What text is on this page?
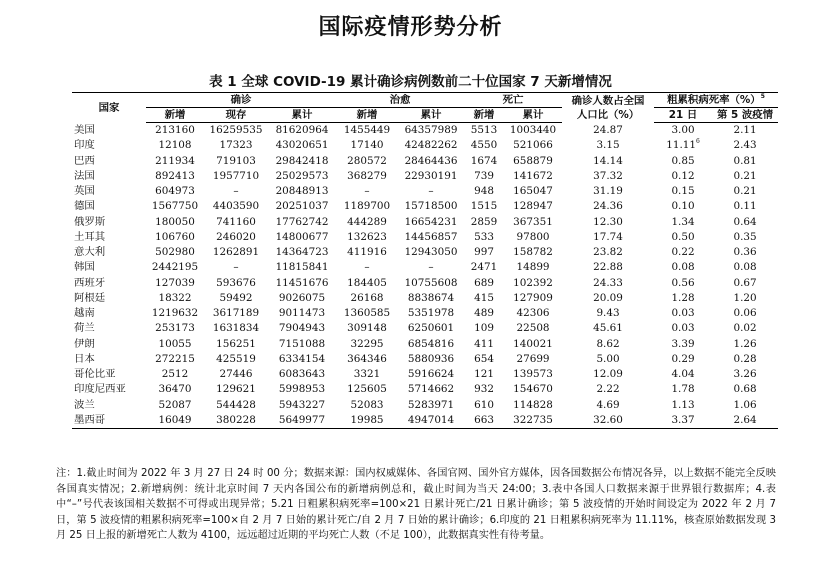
国际疫情形势分析
表 1 全球 COVID-19 累计确诊病例数前二十位国家 7 天新增情况
国家	确诊			治愈		死亡		确诊人数占全国
人口比（%）	粗累积病死率（%）$^5$
	新增	现存	累计	新增	累计	新增	累计		21 日	第 5 波疫情
美国	213160	16259535	81620964	1455449	64357989	5513	1003440	24.87	3.00	2.11
印度	12108	17323	43020651	17140	42482262	4550	521066	3.15	11.11$^6$	2.43
巴西	211934	719103	29842418	280572	28464436	1674	658879	14.14	0.85	0.81
法国	892413	1957710	25029573	368279	22930191	739	141672	37.32	0.12	0.21
英国	604973	–	20848913	–	–	948	165047	31.19	0.15	0.21
德国	1567750	4403590	20251037	1189700	15718500	1515	128947	24.36	0.10	0.11
俄罗斯	180050	741160	17762742	444289	16654231	2859	367351	12.30	1.34	0.64
土耳其	106760	246020	14800677	132623	14456857	533	97800	17.74	0.50	0.35
意大利	502980	1262891	14364723	411916	12943050	997	158782	23.82	0.22	0.36
韩国	2442195	–	11815841	–	–	2471	14899	22.88	0.08	0.08
西班牙	127039	593676	11451676	184405	10755608	689	102392	24.33	0.56	0.67
阿根廷	18322	59492	9026075	26168	8838674	415	127909	20.09	1.28	1.20
越南	1219632	3617189	9011473	1360585	5351978	489	42306	9.43	0.03	0.06
荷兰	253173	1631834	7904943	309148	6250601	109	22508	45.61	0.03	0.02
伊朗	10055	156251	7151088	32295	6854816	411	140021	8.62	3.39	1.26
日本	272215	425519	6334154	364346	5880936	654	27699	5.00	0.29	0.28
哥伦比亚	2512	27446	6083643	3321	5916624	121	139573	12.09	4.04	3.26
印度尼西亚	36470	129621	5998953	125605	5714662	932	154670	2.22	1.78	0.68
波兰	52087	544428	5943227	52083	5283971	610	114828	4.69	1.13	1.06
墨西哥	16049	380228	5649977	19985	4947014	663	322735	32.60	3.37	2.64
注：1.截止时间为 2022 年 3 月 27 日 24 时 00 分；数据来源：国内权威媒体、各国官网、国外官方媒体，因各国数据公布情况各异，以上数据不能完全反映各国真实情况；2.新增病例：统计北京时间 7 天内各国公布的新增病例总和，截止时间为当天 24:00；3.表中各国人口数据来源于世界银行数据库；4.表中“–”号代表该国相关数据不可得或出现异常；5.21 日粗累积病死率=100×21 日累计死亡/21 日累计确诊；第 5 波疫情的开始时间设定为 2022 年 2 月 7 日，第 5 波疫情的粗累积病死率=100×自 2 月 7 日始的累计死亡/自 2 月 7 日始的累计确诊；6.印度的 21 日粗累积病死率为 11.11%，核查原始数据发现 3 月 25 日上报的新增死亡人数为 4100，远远超过近期的平均死亡人数（不足 100），此数据真实性有待考量。
